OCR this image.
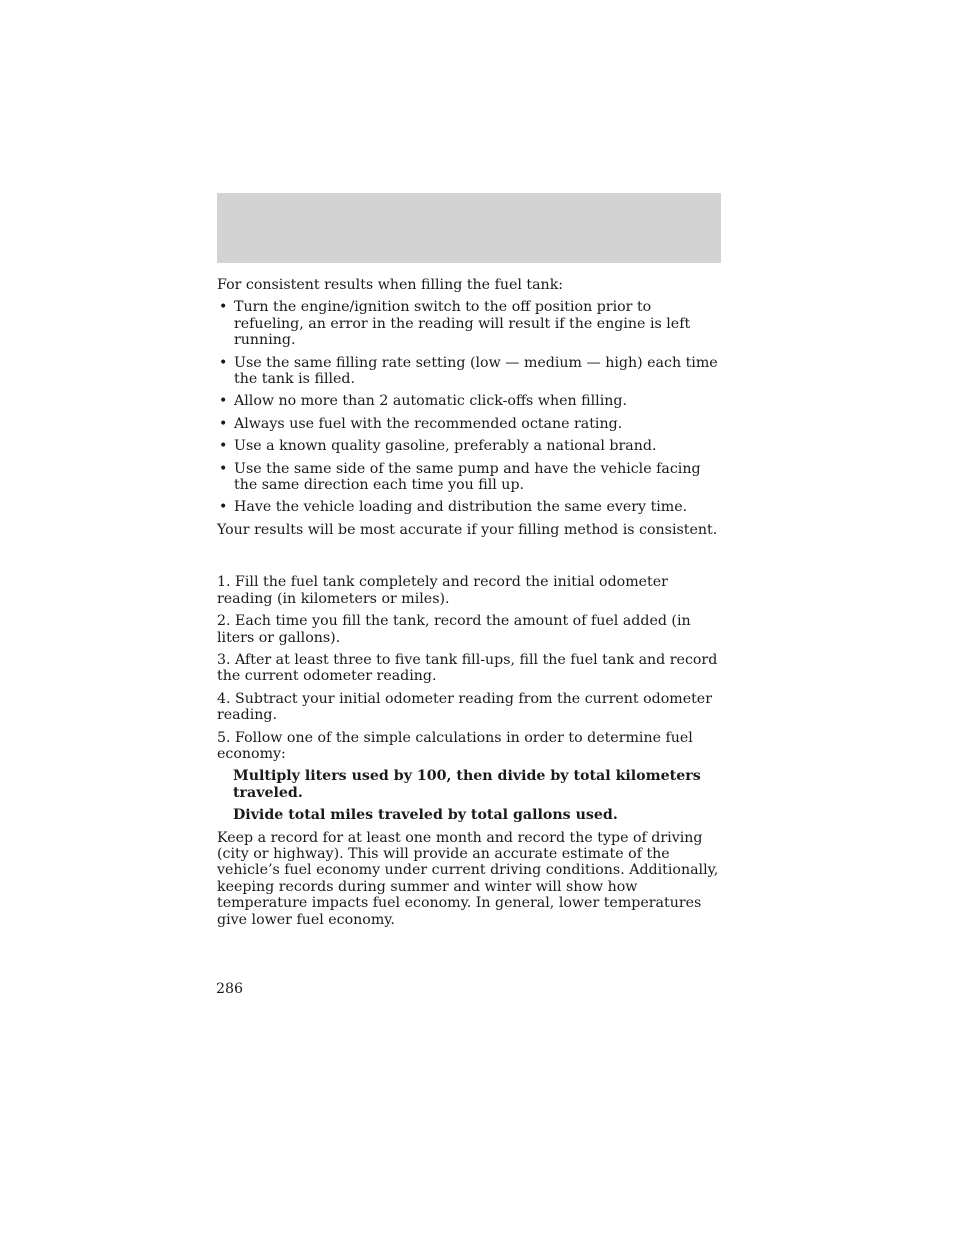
For consistent results when filling the fuel tank:

• Turn the engine/ignition switch to the off position prior to refueling, an error in the reading will result if the engine is left running.
• Use the same filling rate setting (low — medium — high) each time the tank is filled.
• Allow no more than 2 automatic click-offs when filling.
• Always use fuel with the recommended octane rating.
• Use a known quality gasoline, preferably a national brand.
• Use the same side of the same pump and have the vehicle facing the same direction each time you fill up.
• Have the vehicle loading and distribution the same every time.

Your results will be most accurate if your filling method is consistent.

1. Fill the fuel tank completely and record the initial odometer reading (in kilometers or miles).

2. Each time you fill the tank, record the amount of fuel added (in liters or gallons).

3. After at least three to five tank fill-ups, fill the fuel tank and record the current odometer reading.

4. Subtract your initial odometer reading from the current odometer reading.

5. Follow one of the simple calculations in order to determine fuel economy:

Multiply liters used by 100, then divide by total kilometers traveled.

Divide total miles traveled by total gallons used.

Keep a record for at least one month and record the type of driving (city or highway). This will provide an accurate estimate of the vehicle’s fuel economy under current driving conditions. Additionally, keeping records during summer and winter will show how temperature impacts fuel economy. In general, lower temperatures give lower fuel economy.

286
